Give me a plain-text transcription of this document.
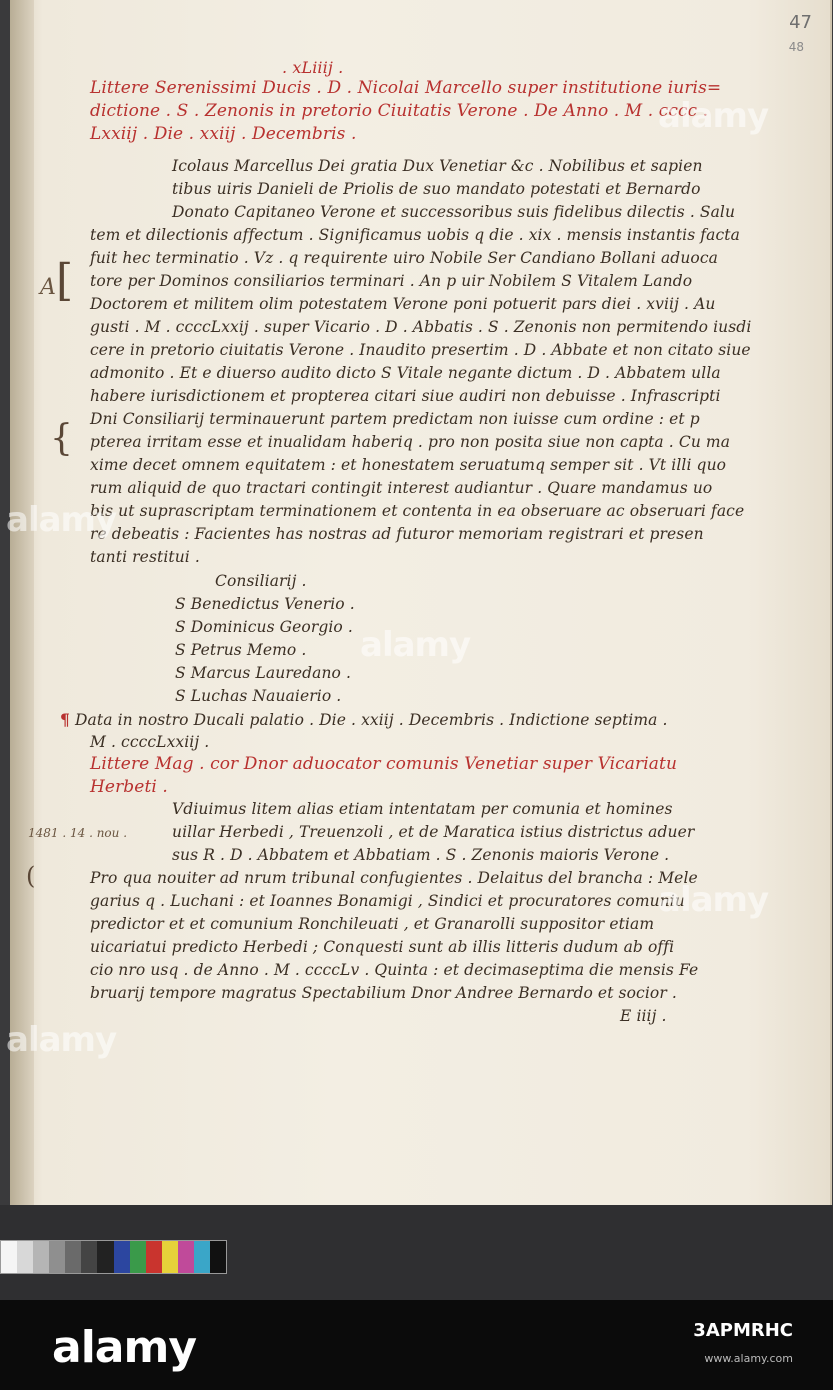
47
48
. xLiiij .
Littere Serenissimi Ducis . D . Nicolai Marcello super institutione iuris=
dictione . S . Zenonis in pretorio Ciuitatis Verone . De Anno . M . cccc .
Lxxiij . Die . xxiij . Decembris .
Icolaus Marcellus Dei gratia Dux Venetiar &c . Nobilibus et sapien
tibus uiris Danieli de Priolis de suo mandato potestati et Bernardo
Donato Capitaneo Verone et successoribus suis fidelibus dilectis . Salu
tem et dilectionis affectum . Significamus uobis q die . xix . mensis instantis facta
fuit hec terminatio . Vz . q requirente uiro Nobile Ser Candiano Bollani aduoca
tore per Dominos consiliarios terminari . An p uir Nobilem S Vitalem Lando
Doctorem et militem olim potestatem Verone poni potuerit pars diei . xviij . Au
gusti . M . ccccLxxij . super Vicario . D . Abbatis . S . Zenonis non permitendo iusdi
cere in pretorio ciuitatis Verone . Inaudito presertim . D . Abbate et non citato siue
admonito . Et e diuerso audito dicto S Vitale negante dictum . D . Abbatem ulla
habere iurisdictionem et propterea citari siue audiri non debuisse . Infrascripti
Dni Consiliarij terminauerunt partem predictam non iuisse cum ordine : et p
pterea irritam esse et inualidam haberiq . pro non posita siue non capta . Cu ma
xime decet omnem equitatem : et honestatem seruatumq semper sit . Vt illi quo
rum aliquid de quo tractari contingit interest audiantur . Quare mandamus uo
bis ut suprascriptam terminationem et contenta in ea obseruare ac obseruari face
re debeatis : Facientes has nostras ad futuror memoriam registrari et presen
tanti restitui .
Consiliarij .
S Benedictus Venerio .
S Dominicus Georgio .
S Petrus Memo .
S Marcus Lauredano .
S Luchas Nauaierio .
¶ Data in nostro Ducali palatio . Die . xxiij . Decembris . Indictione septima .
M . ccccLxxiij .
Littere Mag . cor Dnor aduocator comunis Venetiar super Vicariatu
Herbeti .
Vdiuimus litem alias etiam intentatam per comunia et homines
uillar Herbedi , Treuenzoli , et de Maratica istius districtus aduer
sus R . D . Abbatem et Abbatiam . S . Zenonis maioris Verone .
Pro qua nouiter ad nrum tribunal confugientes . Delaitus del brancha : Mele
garius q . Luchani : et Ioannes Bonamigi , Sindici et procuratores comuniu
predictor et et comunium Ronchileuati , et Granarolli suppositor etiam
uicariatui predicto Herbedi ; Conquesti sunt ab illis litteris dudum ab offi
cio nro usq . de Anno . M . ccccLv . Quinta : et decimaseptima die mensis Fe
bruarij tempore magratus Spectabilium Dnor Andree Bernardo et socior .
E iiij .
A [
{
1481 . 14 . nou .
(
alamy
alamy
alamy
alamy
alamy
alamy	3APMRHC
www.alamy.com
